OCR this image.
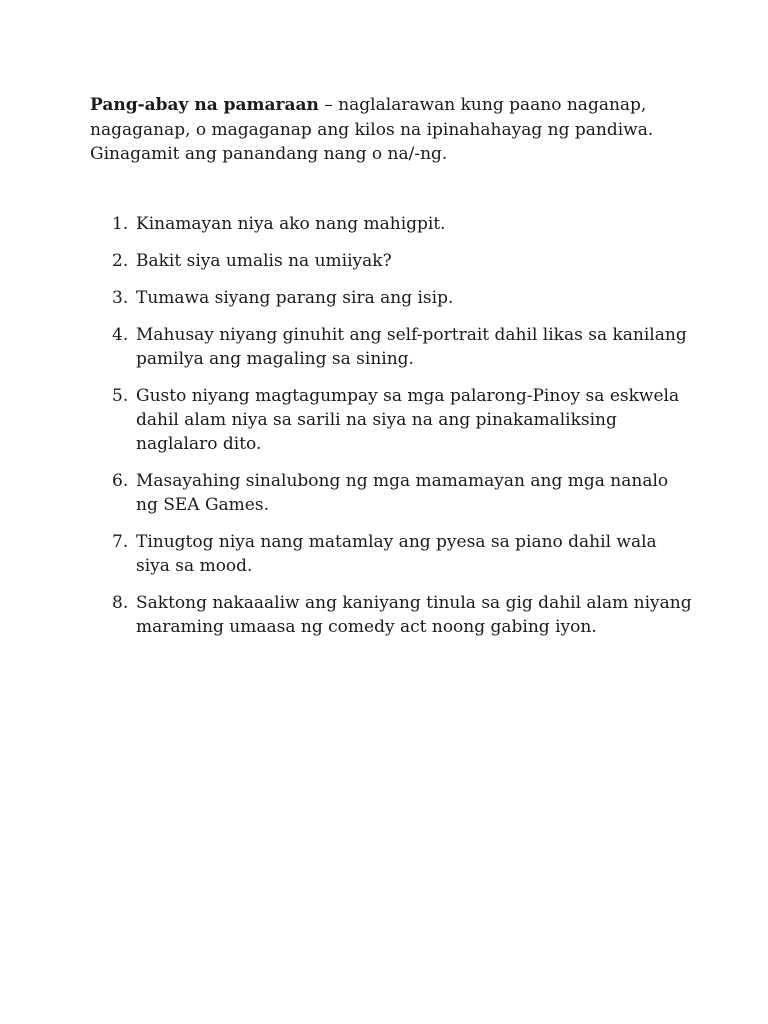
Pang-abay na pamaraan – naglalarawan kung paano naganap,
nagaganap, o magaganap ang kilos na ipinahahayag ng pandiwa.
Ginagamit ang panandang nang o na/-ng.

1. Kinamayan niya ako nang mahigpit.
2. Bakit siya umalis na umiiyak?
3. Tumawa siyang parang sira ang isip.
4. Mahusay niyang ginuhit ang self-portrait dahil likas sa kanilang pamilya ang magaling sa sining.
5. Gusto niyang magtagumpay sa mga palarong-Pinoy sa eskwela dahil alam niya sa sarili na siya na ang pinakamaliksing naglalaro dito.
6. Masayahing sinalubong ng mga mamamayan ang mga nanalo ng SEA Games.
7. Tinugtog niya nang matamlay ang pyesa sa piano dahil wala siya sa mood.
8. Saktong nakaaaliw ang kaniyang tinula sa gig dahil alam niyang maraming umaasa ng comedy act noong gabing iyon.
